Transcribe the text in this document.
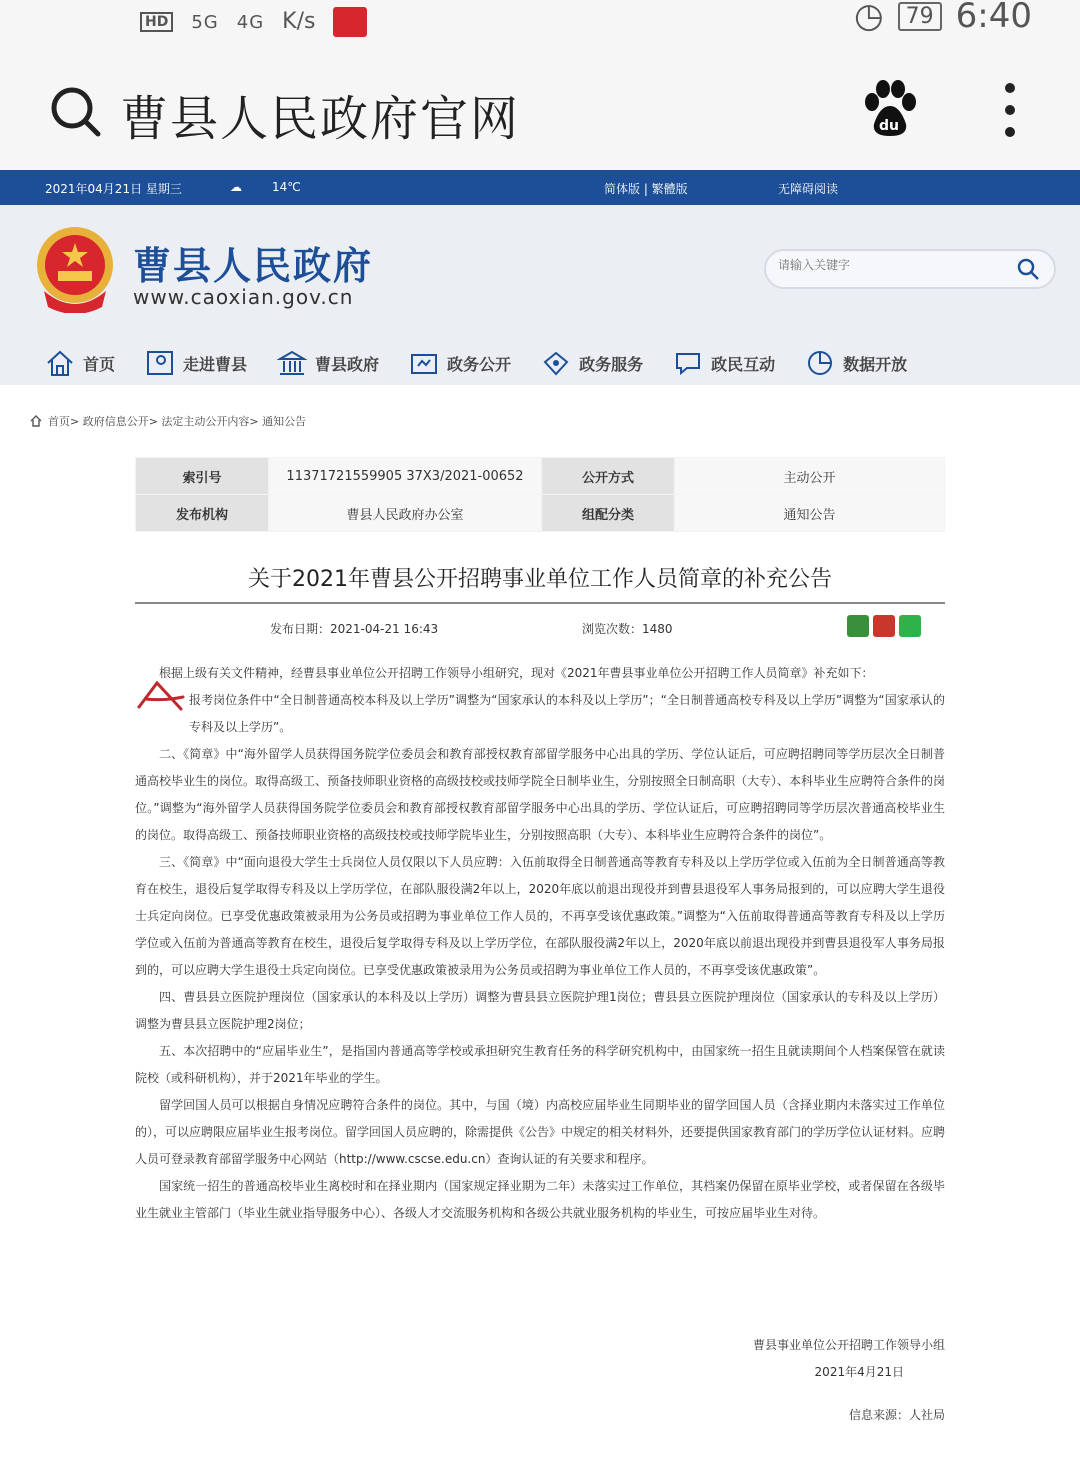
HD 5G 4G K/s	◷	79 6:40
曹县人民政府官网	du
2021年04月21日 星期三	☁	14℃	简体版 | 繁體版	无障碍阅读
曹县人民政府
www.caoxian.gov.cn
请输入关键字
首页	走进曹县	曹县政府	政务公开	政务服务	政民互动	数据开放
首页> 政府信息公开> 法定主动公开内容> 通知公告
索引号	11371721559905 37X3/2021-00652	公开方式	主动公开
发布机构	曹县人民政府办公室	组配分类	通知公告
关于2021年曹县公开招聘事业单位工作人员简章的补充公告
发布日期：2021-04-21 16:43	浏览次数：1480

根据上级有关文件精神，经曹县事业单位公开招聘工作领导小组研究，现对《2021年曹县事业单位公开招聘工作人员简章》补充如下：

报考岗位条件中“全日制普通高校本科及以上学历”调整为“国家承认的本科及以上学历”；“全日制普通高校专科及以上学历”调整为“国家承认的专科及以上学历”。

二、《简章》中“海外留学人员获得国务院学位委员会和教育部授权教育部留学服务中心出具的学历、学位认证后，可应聘招聘同等学历层次全日制普通高校毕业生的岗位。取得高级工、预备技师职业资格的高级技校或技师学院全日制毕业生，分别按照全日制高职（大专）、本科毕业生应聘符合条件的岗位。”调整为“海外留学人员获得国务院学位委员会和教育部授权教育部留学服务中心出具的学历、学位认证后，可应聘招聘同等学历层次普通高校毕业生的岗位。取得高级工、预备技师职业资格的高级技校或技师学院毕业生，分别按照高职（大专）、本科毕业生应聘符合条件的岗位”。

三、《简章》中“面向退役大学生士兵岗位人员仅限以下人员应聘：入伍前取得全日制普通高等教育专科及以上学历学位或入伍前为全日制普通高等教育在校生，退役后复学取得专科及以上学历学位，在部队服役满2年以上，2020年底以前退出现役并到曹县退役军人事务局报到的，可以应聘大学生退役士兵定向岗位。已享受优惠政策被录用为公务员或招聘为事业单位工作人员的，不再享受该优惠政策。”调整为“入伍前取得普通高等教育专科及以上学历学位或入伍前为普通高等教育在校生，退役后复学取得专科及以上学历学位，在部队服役满2年以上，2020年底以前退出现役并到曹县退役军人事务局报到的，可以应聘大学生退役士兵定向岗位。已享受优惠政策被录用为公务员或招聘为事业单位工作人员的，不再享受该优惠政策”。

四、曹县县立医院护理岗位（国家承认的本科及以上学历）调整为曹县县立医院护理1岗位；曹县县立医院护理岗位（国家承认的专科及以上学历）调整为曹县县立医院护理2岗位；

五、本次招聘中的“应届毕业生”，是指国内普通高等学校或承担研究生教育任务的科学研究机构中，由国家统一招生且就读期间个人档案保管在就读院校（或科研机构），并于2021年毕业的学生。

留学回国人员可以根据自身情况应聘符合条件的岗位。其中，与国（境）内高校应届毕业生同期毕业的留学回国人员（含择业期内未落实过工作单位的），可以应聘限应届毕业生报考岗位。留学回国人员应聘的，除需提供《公告》中规定的相关材料外，还要提供国家教育部门的学历学位认证材料。应聘人员可登录教育部留学服务中心网站（http://www.cscse.edu.cn）查询认证的有关要求和程序。

国家统一招生的普通高校毕业生离校时和在择业期内（国家规定择业期为二年）未落实过工作单位，其档案仍保留在原毕业学校，或者保留在各级毕业生就业主管部门（毕业生就业指导服务中心）、各级人才交流服务机构和各级公共就业服务机构的毕业生，可按应届毕业生对待。

曹县事业单位公开招聘工作领导小组
2021年4月21日
信息来源：人社局
